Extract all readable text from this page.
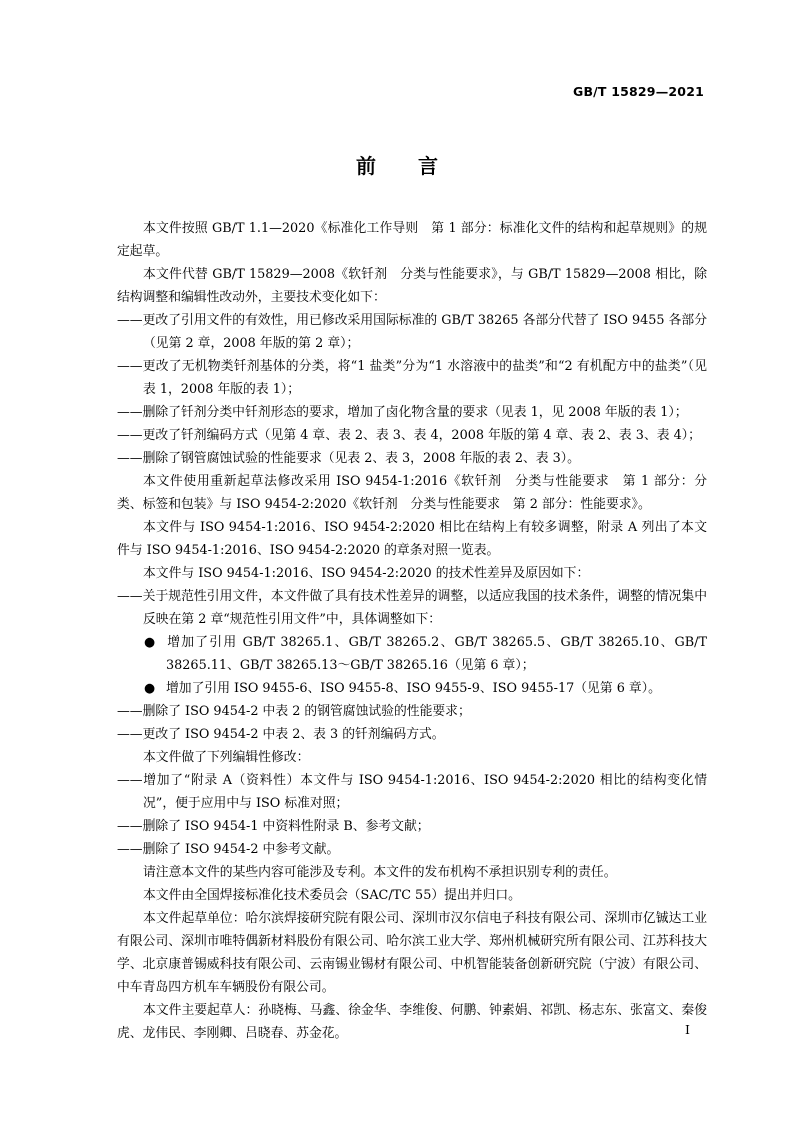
GB/T 15829—2021
前 言

本文件按照 GB/T 1.1—2020《标准化工作导则　第 1 部分：标准化文件的结构和起草规则》的规定起草。

本文件代替 GB/T 15829—2008《软钎剂　分类与性能要求》，与 GB/T 15829—2008 相比，除结构调整和编辑性改动外，主要技术变化如下：

——更改了引用文件的有效性，用已修改采用国际标准的 GB/T 38265 各部分代替了 ISO 9455 各部分（见第 2 章，2008 年版的第 2 章）；

——更改了无机物类钎剂基体的分类，将“1 盐类”分为“1 水溶液中的盐类”和“2 有机配方中的盐类”（见表 1，2008 年版的表 1）；

——删除了钎剂分类中钎剂形态的要求，增加了卤化物含量的要求（见表 1，见 2008 年版的表 1）；

——更改了钎剂编码方式（见第 4 章、表 2、表 3、表 4，2008 年版的第 4 章、表 2、表 3、表 4）；

——删除了钢管腐蚀试验的性能要求（见表 2、表 3，2008 年版的表 2、表 3）。

本文件使用重新起草法修改采用 ISO 9454-1:2016《软钎剂　分类与性能要求　第 1 部分：分类、标签和包装》与 ISO 9454-2:2020《软钎剂　分类与性能要求　第 2 部分：性能要求》。

本文件与 ISO 9454-1:2016、ISO 9454-2:2020 相比在结构上有较多调整，附录 A 列出了本文件与 ISO 9454-1:2016、ISO 9454-2:2020 的章条对照一览表。

本文件与 ISO 9454-1:2016、ISO 9454-2:2020 的技术性差异及原因如下：

——关于规范性引用文件，本文件做了具有技术性差异的调整，以适应我国的技术条件，调整的情况集中反映在第 2 章“规范性引用文件”中，具体调整如下：

● 增加了引用 GB/T 38265.1、GB/T 38265.2、GB/T 38265.5、GB/T 38265.10、GB/T 38265.11、GB/T 38265.13～GB/T 38265.16（见第 6 章）；

● 增加了引用 ISO 9455-6、ISO 9455-8、ISO 9455-9、ISO 9455-17（见第 6 章）。

——删除了 ISO 9454-2 中表 2 的钢管腐蚀试验的性能要求；

——更改了 ISO 9454-2 中表 2、表 3 的钎剂编码方式。

本文件做了下列编辑性修改：

——增加了“附录 A（资料性）本文件与 ISO 9454-1:2016、ISO 9454-2:2020 相比的结构变化情况”，便于应用中与 ISO 标准对照；

——删除了 ISO 9454-1 中资料性附录 B、参考文献；

——删除了 ISO 9454-2 中参考文献。

请注意本文件的某些内容可能涉及专利。本文件的发布机构不承担识别专利的责任。

本文件由全国焊接标准化技术委员会（SAC/TC 55）提出并归口。

本文件起草单位：哈尔滨焊接研究院有限公司、深圳市汉尔信电子科技有限公司、深圳市亿铖达工业有限公司、深圳市唯特偶新材料股份有限公司、哈尔滨工业大学、郑州机械研究所有限公司、江苏科技大学、北京康普锡威科技有限公司、云南锡业锡材有限公司、中机智能装备创新研究院（宁波）有限公司、中车青岛四方机车车辆股份有限公司。

本文件主要起草人：孙晓梅、马鑫、徐金华、李维俊、何鹏、钟素娟、祁凯、杨志东、张富文、秦俊虎、龙伟民、李刚卿、吕晓春、苏金花。	I
